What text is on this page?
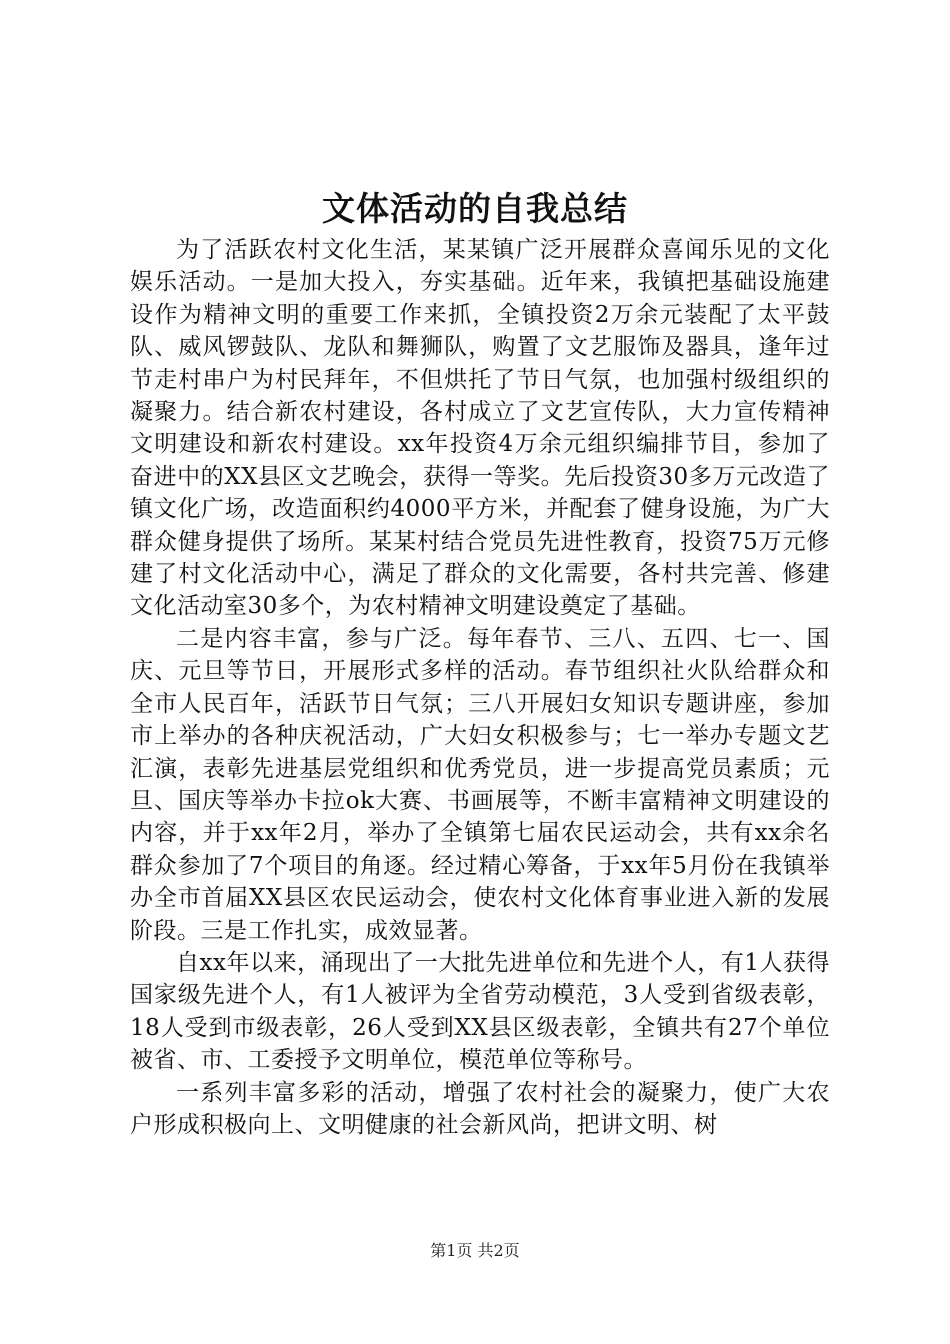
文体活动的自我总结

为了活跃农村文化生活，某某镇广泛开展群众喜闻乐见的文化娱乐活动。一是加大投入，夯实基础。近年来，我镇把基础设施建设作为精神文明的重要工作来抓，全镇投资2万余元装配了太平鼓队、威风锣鼓队、龙队和舞狮队，购置了文艺服饰及器具，逢年过节走村串户为村民拜年，不但烘托了节日气氛，也加强村级组织的凝聚力。结合新农村建设，各村成立了文艺宣传队，大力宣传精神文明建设和新农村建设。xx年投资4万余元组织编排节目，参加了奋进中的XX县区文艺晚会，获得一等奖。先后投资30多万元改造了镇文化广场，改造面积约4000平方米，并配套了健身设施，为广大群众健身提供了场所。某某村结合党员先进性教育，投资75万元修建了村文化活动中心，满足了群众的文化需要，各村共完善、修建文化活动室30多个，为农村精神文明建设奠定了基础。

二是内容丰富，参与广泛。每年春节、三八、五四、七一、国庆、元旦等节日，开展形式多样的活动。春节组织社火队给群众和全市人民百年，活跃节日气氛；三八开展妇女知识专题讲座，参加市上举办的各种庆祝活动，广大妇女积极参与；七一举办专题文艺汇演，表彰先进基层党组织和优秀党员，进一步提高党员素质；元旦、国庆等举办卡拉ok大赛、书画展等，不断丰富精神文明建设的内容，并于xx年2月，举办了全镇第七届农民运动会，共有xx余名群众参加了7个项目的角逐。经过精心筹备，于xx年5月份在我镇举办全市首届XX县区农民运动会，使农村文化体育事业进入新的发展阶段。三是工作扎实，成效显著。

自xx年以来，涌现出了一大批先进单位和先进个人，有1人获得国家级先进个人，有1人被评为全省劳动模范，3人受到省级表彰，18人受到市级表彰，26人受到XX县区级表彰，全镇共有27个单位被省、市、工委授予文明单位，模范单位等称号。

一系列丰富多彩的活动，增强了农村社会的凝聚力，使广大农户形成积极向上、文明健康的社会新风尚，把讲文明、树

第1页 共2页
